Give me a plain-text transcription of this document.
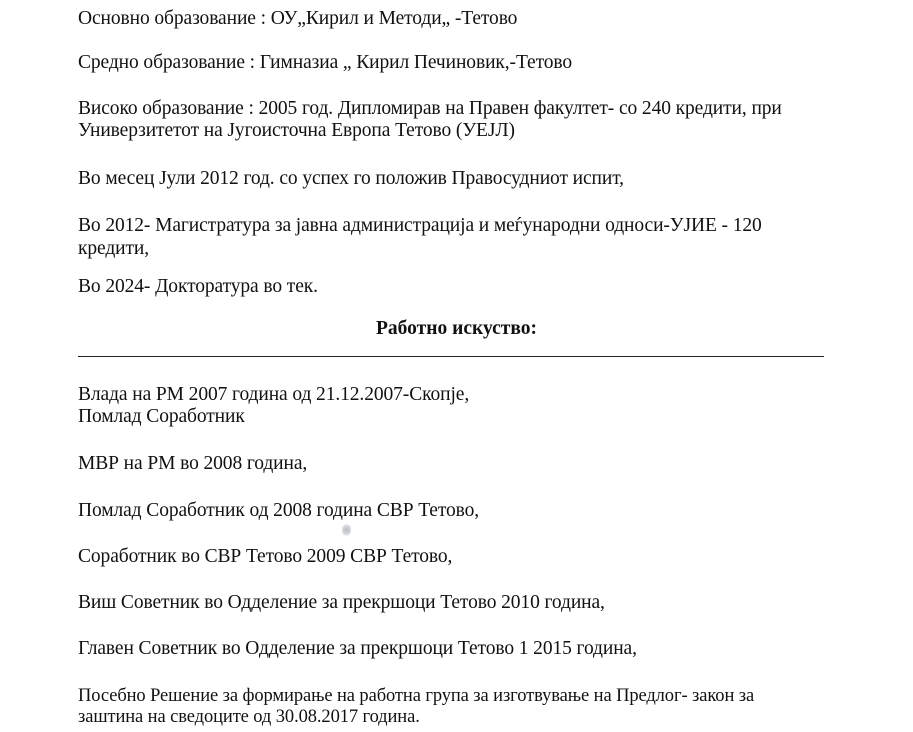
Основно образование : ОУ„Кирил и Методи„ -Тетово

Средно образование : Гимназиа „ Кирил Печиновик,-Тетово

Високо образование : 2005 год. Дипломирав на Правен факултет- со 240 кредити, при

Универзитетот на Југоисточна Европа Тетово (УЕЈЛ)

Во месец Јули 2012 год. со успех го положив Правосудниот испит,

Во 2012- Магистратура за јавна администрација и меѓународни односи-УЈИЕ - 120

кредити,

Во 2024- Докторатура во тек.

Работно искуство:

Влада на РМ 2007 година од 21.12.2007-Скопје,

Помлад Соработник

МВР на РМ во 2008 година,

Помлад Соработник од 2008 година СВР Тетово,

Соработник во СВР Тетово 2009 СВР Тетово,

Виш Советник во Одделение за прекршоци Тетово 2010 година,

Главен Советник во Одделение за прекршоци Тетово 1 2015 година,

Посебно Решение за формирање на работна група за изготвување на Предлог- закон за

заштина на сведоците од 30.08.2017 година.
